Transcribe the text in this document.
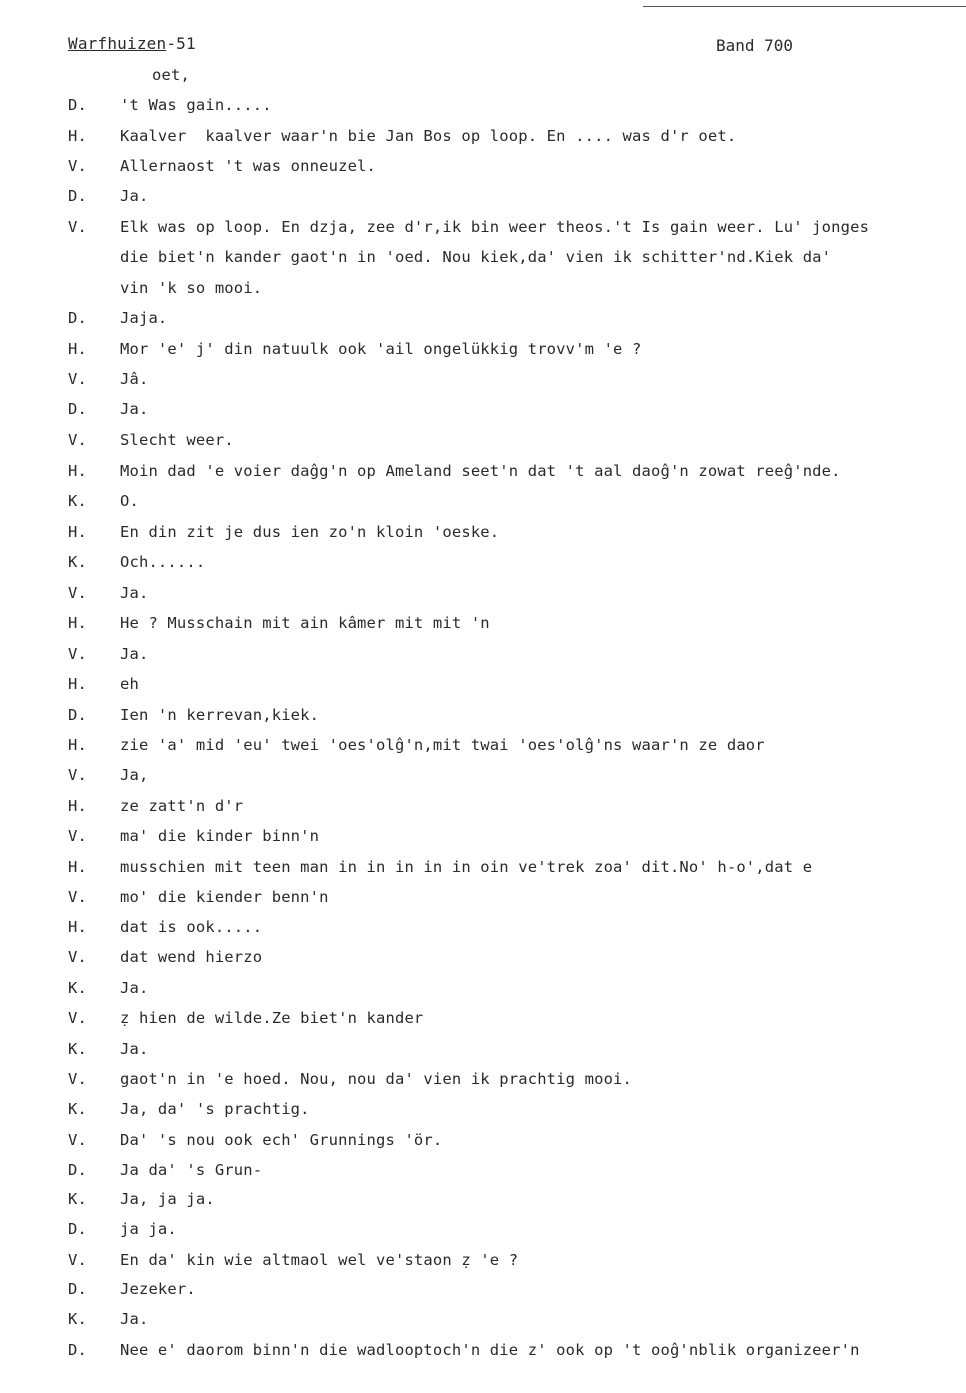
Warfhuizen-51	Band 700
oet,
D. 't Was gain.....
H. Kaalver  kaalver waar'n bie Jan Bos op loop. En .... was d'r oet.
V. Allernaost 't was onneuzel.
D. Ja.
V. Elk was op loop. En dzja, zee d'r,ik bin weer theos.'t Is gain weer. Lu' jonges
die biet'n kander gaot'n in 'oed. Nou kiek,da' vien ik schitter'nd.Kiek da'
vin 'k so mooi.
D. Jaja.
H. Mor 'e' j' din natuulk ook 'ail ongelükkig trovv'm 'e ?
V. Jâ.
D. Ja.
V. Slecht weer.
H. Moin dad 'e voier daĝg'n op Ameland seet'n dat 't aal daoĝ'n zowat reeĝ'nde.
K. O.
H. En din zit je dus ien zo'n kloin 'oeske.
K. Och......
V. Ja.
H. He ? Musschain mit ain kâmer mit mit 'n
V. Ja.
H. eh
D. Ien 'n kerrevan,kiek.
H. zie 'a' mid 'eu' twei 'oes'olĝ'n,mit twai 'oes'olĝ'ns waar'n ze daor
V. Ja,
H. ze zatt'n d'r
V. ma' die kinder binn'n
H. musschien mit teen man in in in in in oin ve'trek zoa' dit.No' h-o',dat e
V. mo' die kiender benn'n
H. dat is ook.....
V. dat wend hierzo
K. Ja.
V. ẓ hien de wilde.Ze biet'n kander
K. Ja.
V. gaot'n in 'e hoed. Nou, nou da' vien ik prachtig mooi.
K. Ja, da' 's prachtig.
V. Da' 's nou ook ech' Grunnings 'ör.
D. Ja da' 's Grun-
K. Ja, ja ja.
D. ja ja.
V. En da' kin wie altmaol wel ve'staon ẓ 'e ?
D. Jezeker.
K. Ja.
D. Nee e' daorom binn'n die wadlooptoch'n die z' ook op 't ooĝ'nblik organizeer'n
